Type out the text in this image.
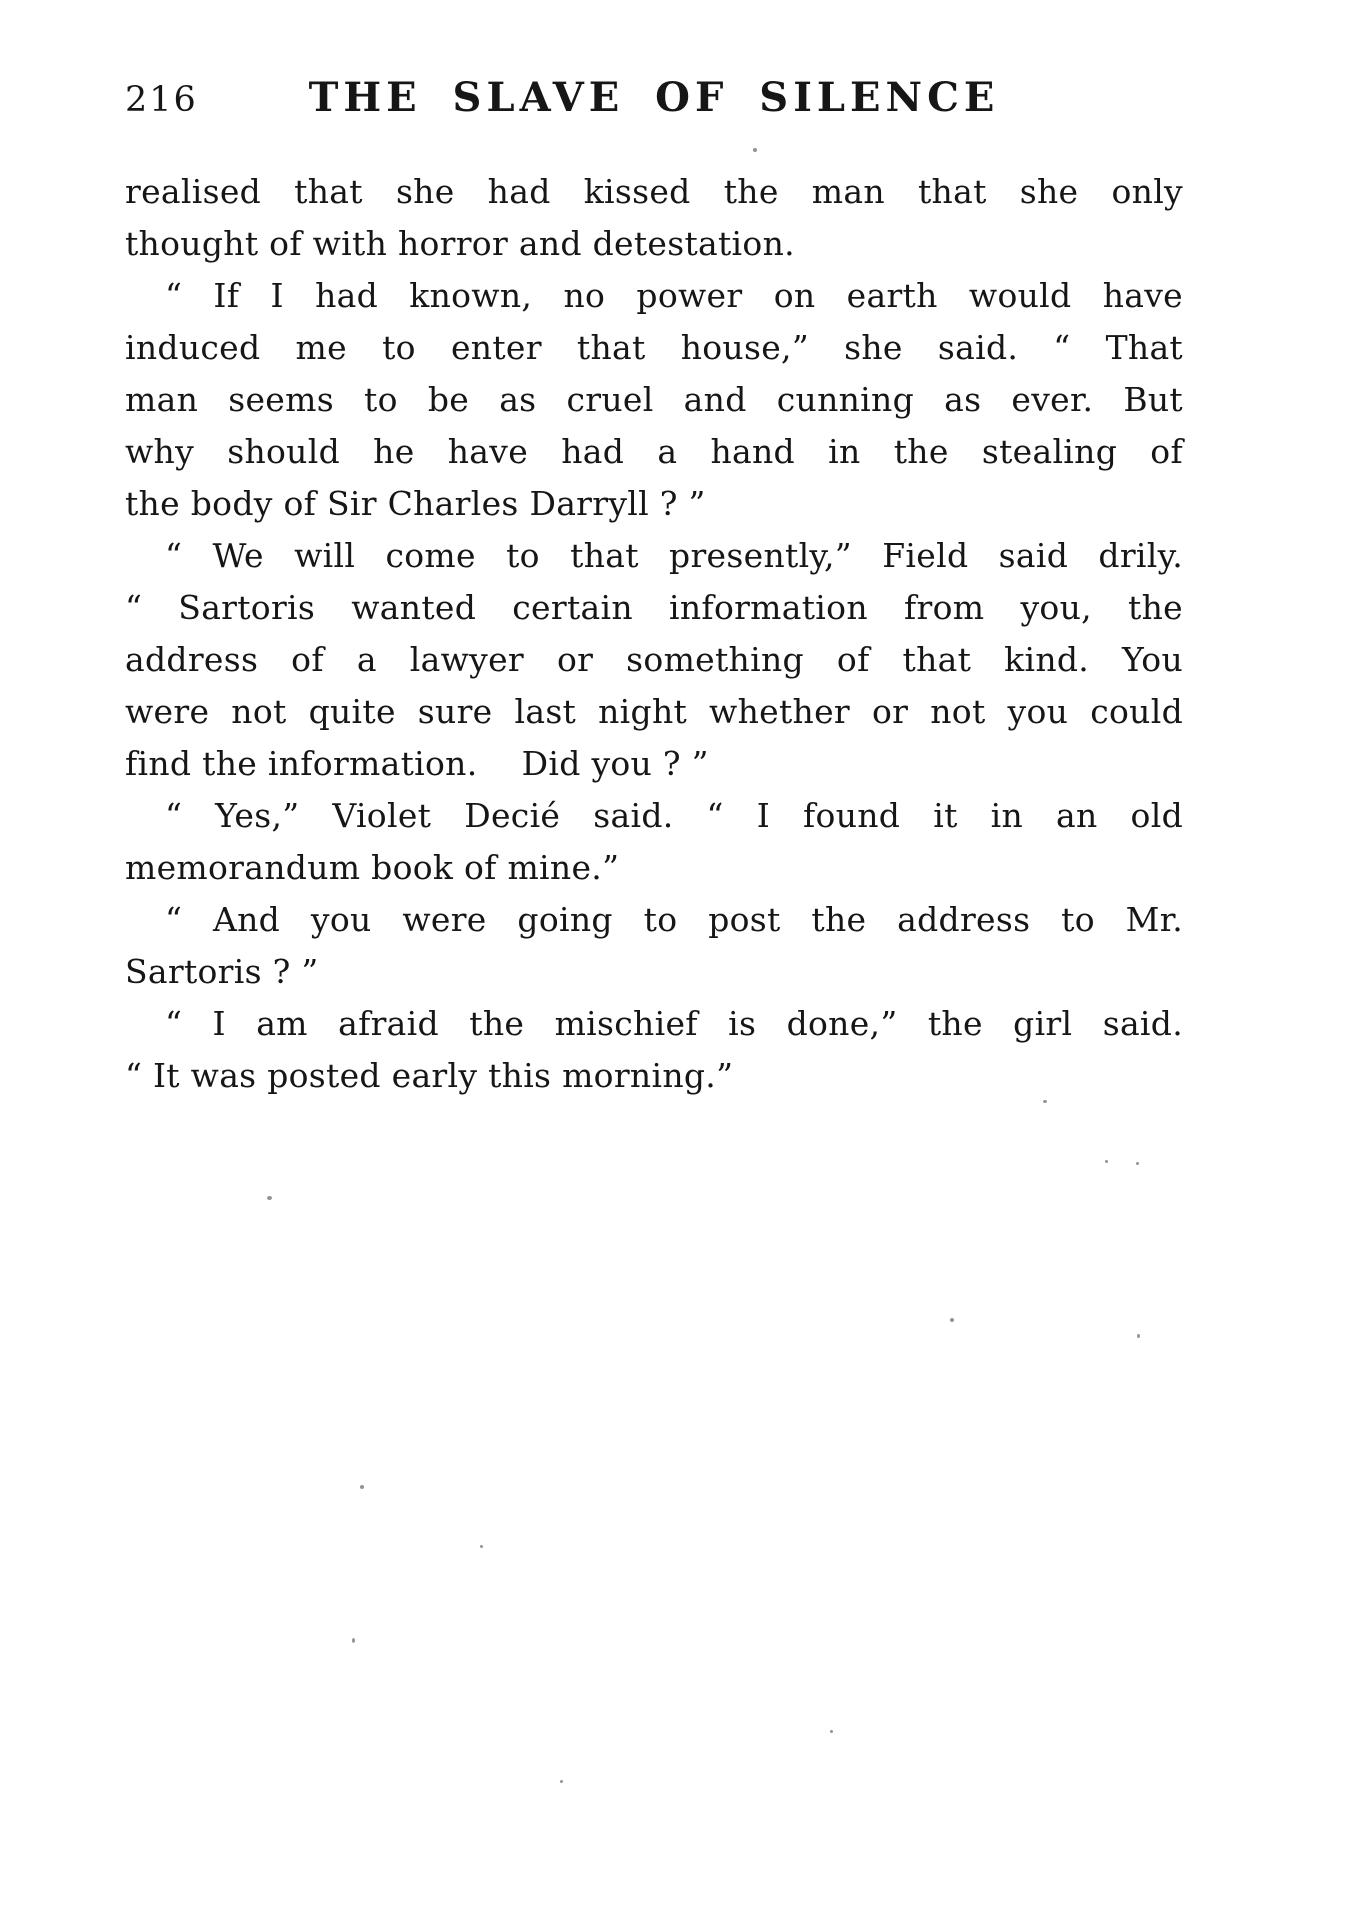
216	THE SLAVE OF SILENCE
realised that she had kissed the man that she only
thought of with horror and detestation.
“ If I had known, no power on earth would have
induced me to enter that house,” she said. “ That
man seems to be as cruel and cunning as ever. But
why should he have had a hand in the stealing of
the body of Sir Charles Darryll ? ”
“ We will come to that presently,” Field said drily.
“ Sartoris wanted certain information from you, the
address of a lawyer or something of that kind. You
were not quite sure last night whether or not you could
find the information.  Did you ? ”
“ Yes,” Violet Decié said. “ I found it in an old
memorandum book of mine.”
“ And you were going to post the address to Mr.
Sartoris ? ”
“ I am afraid the mischief is done,” the girl said.
“ It was posted early this morning.”
